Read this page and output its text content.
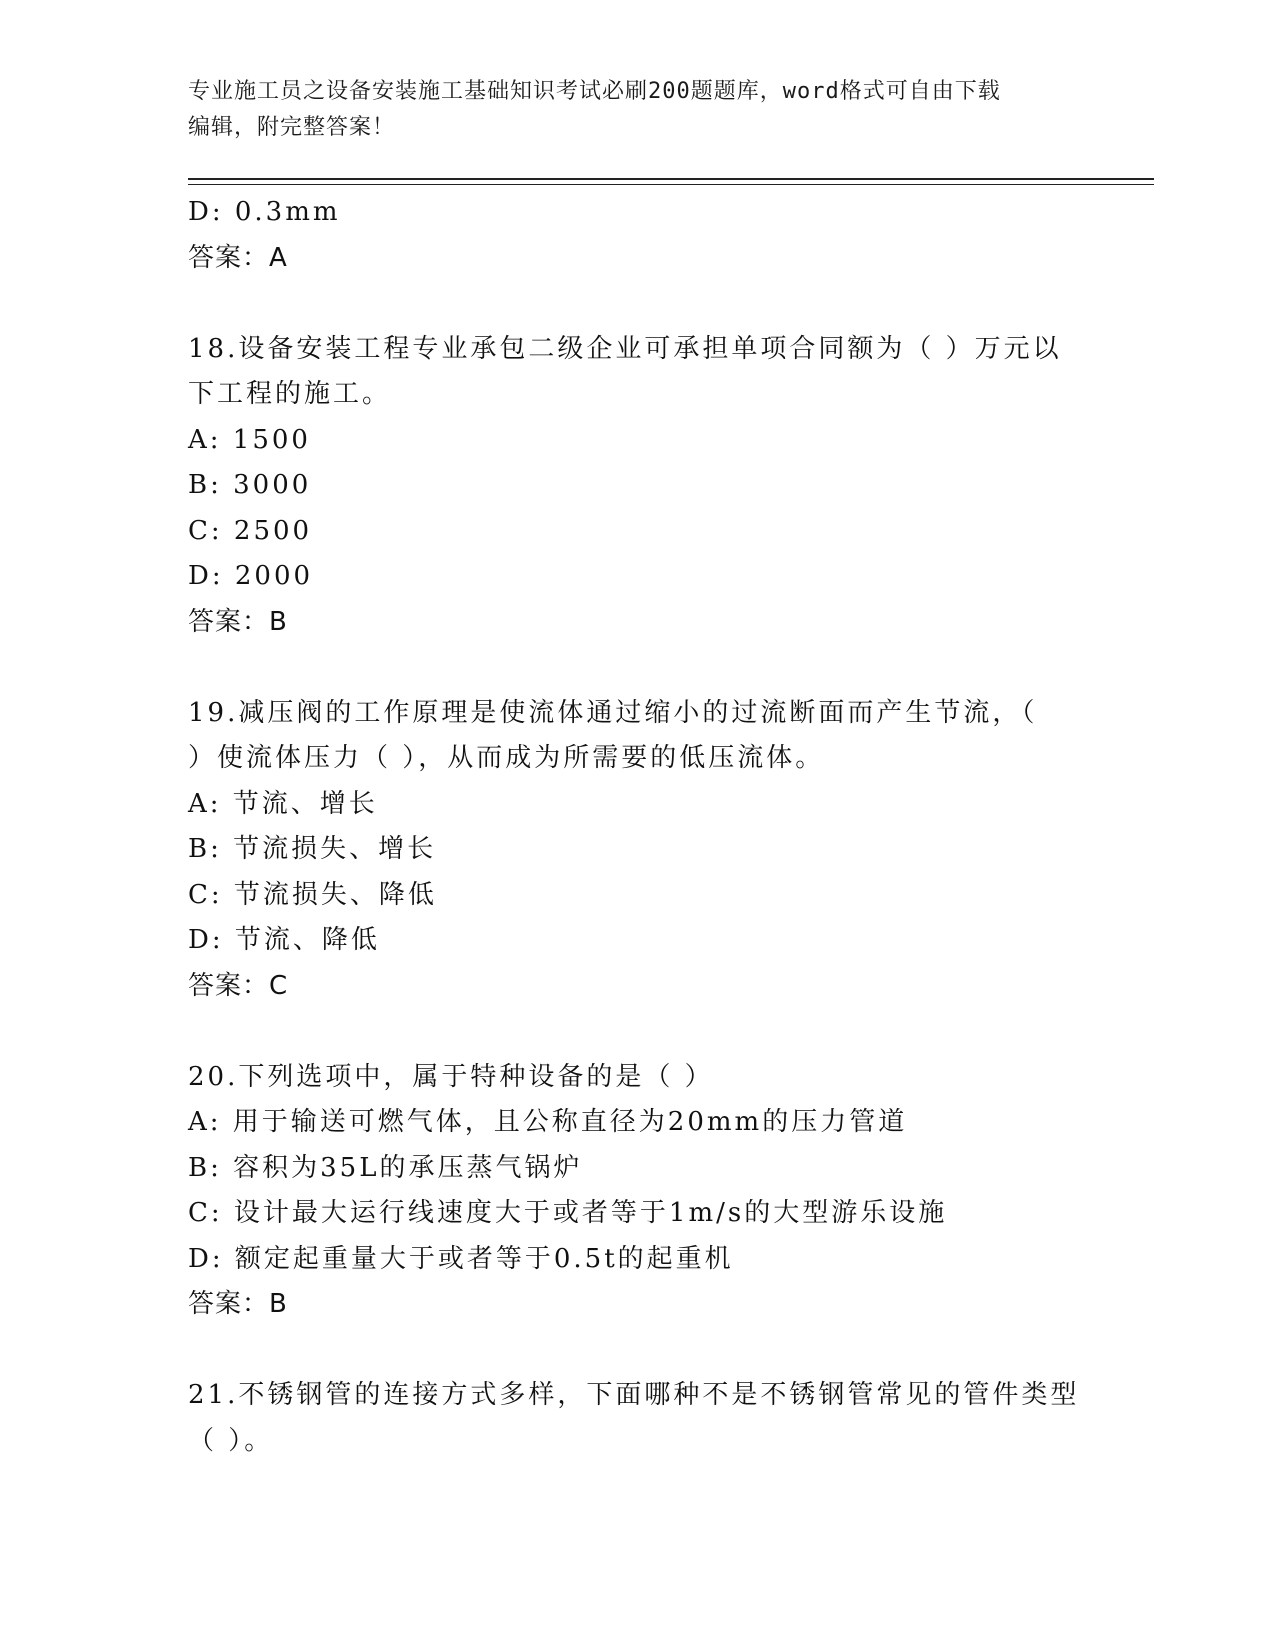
专业施工员之设备安装施工基础知识考试必刷200题题库，word格式可自由下载
编辑，附完整答案！
D: 0.3mm
答案：A
18.设备安装工程专业承包二级企业可承担单项合同额为（ ）万元以
下工程的施工。
A: 1500
B: 3000
C: 2500
D: 2000
答案：B
19.减压阀的工作原理是使流体通过缩小的过流断面而产生节流，（
）使流体压力（ ），从而成为所需要的低压流体。
A: 节流、增长
B: 节流损失、增长
C: 节流损失、降低
D: 节流、降低
答案：C
20.下列选项中，属于特种设备的是（ ）
A: 用于输送可燃气体，且公称直径为20mm的压力管道
B: 容积为35L的承压蒸气锅炉
C: 设计最大运行线速度大于或者等于1m/s的大型游乐设施
D: 额定起重量大于或者等于0.5t的起重机
答案：B
21.不锈钢管的连接方式多样，下面哪种不是不锈钢管常见的管件类型
（ ）。
